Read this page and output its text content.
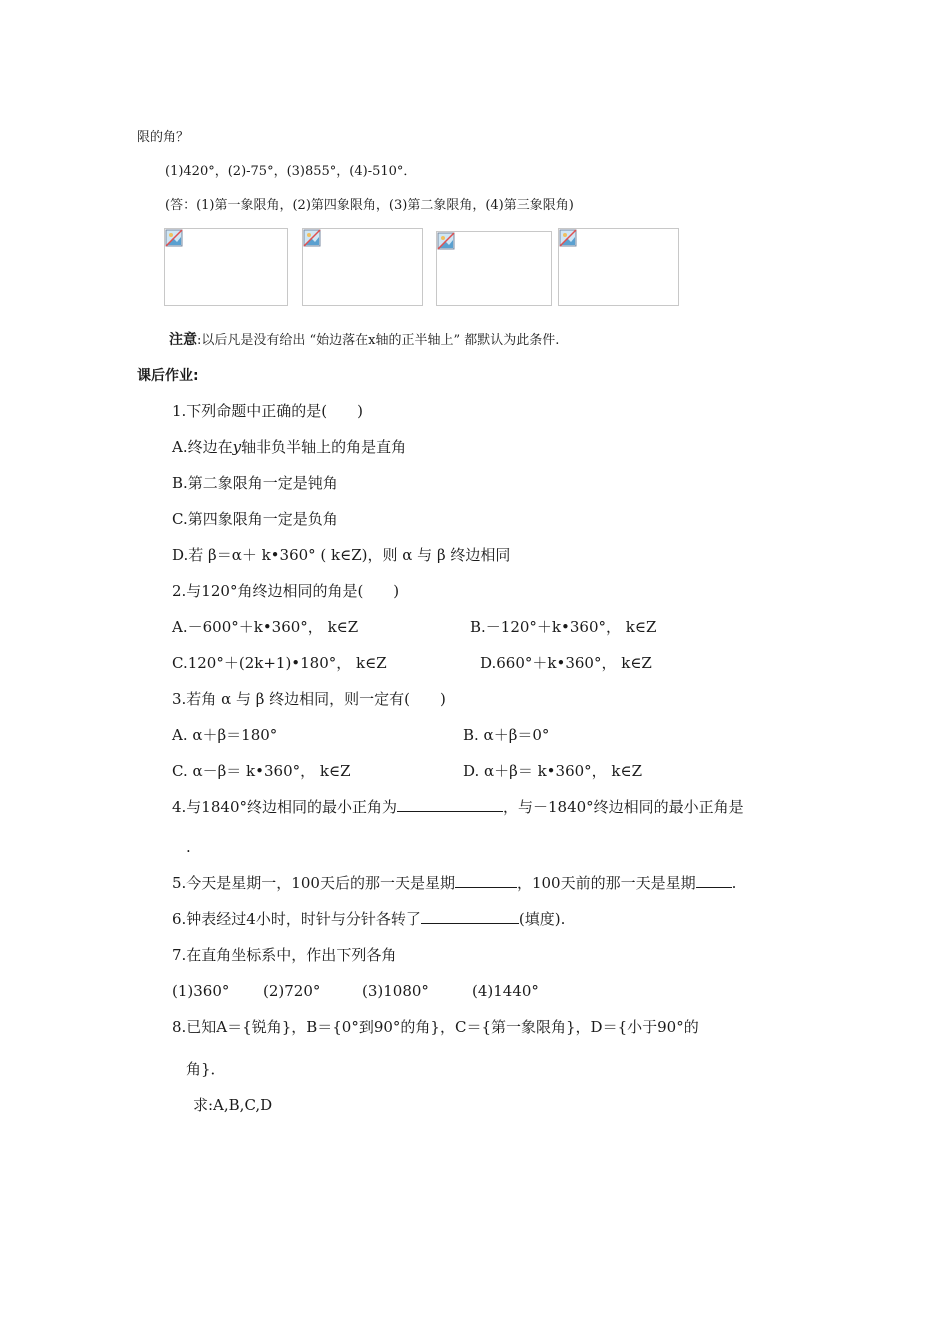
限的角？
(1)420°，(2)-75°，(3)855°，(4)-510°．
(答：(1)第一象限角，(2)第四象限角，(3)第二象限角，(4)第三象限角)
注意:以后凡是没有给出 “始边落在x轴的正半轴上” 都默认为此条件.
课后作业:
1.下列命题中正确的是(　　)
A.终边在y轴非负半轴上的角是直角
B.第二象限角一定是钝角
C.第四象限角一定是负角
D.若 β＝α＋ k•360° ( k∈Z)，则 α 与 β 终边相同
2.与120°角终边相同的角是(　　)
A.－600°＋k•360°， k∈Z	B.－120°＋k•360°， k∈Z
C.120°＋(2k+1)•180°， k∈Z	D.660°＋k•360°， k∈Z
3.若角 α 与 β 终边相同，则一定有(　　)
A. α＋β＝180°	B. α＋β＝0°
C. α－β＝ k•360°， k∈Z	D. α＋β＝ k•360°， k∈Z
4.与1840°终边相同的最小正角为	，与－1840°终边相同的最小正角是
.
5.今天是星期一，100天后的那一天是星期	，100天前的那一天是星期 .
6.钟表经过4小时，时针与分针各转了	(填度).
7.在直角坐标系中，作出下列各角
(1)360° (2)720°	(3)1080°	(4)1440°
8.已知A＝{锐角}，B＝{0°到90°的角}，C＝{第一象限角}，D＝{小于90°的
角}．
求:A,B,C,D
